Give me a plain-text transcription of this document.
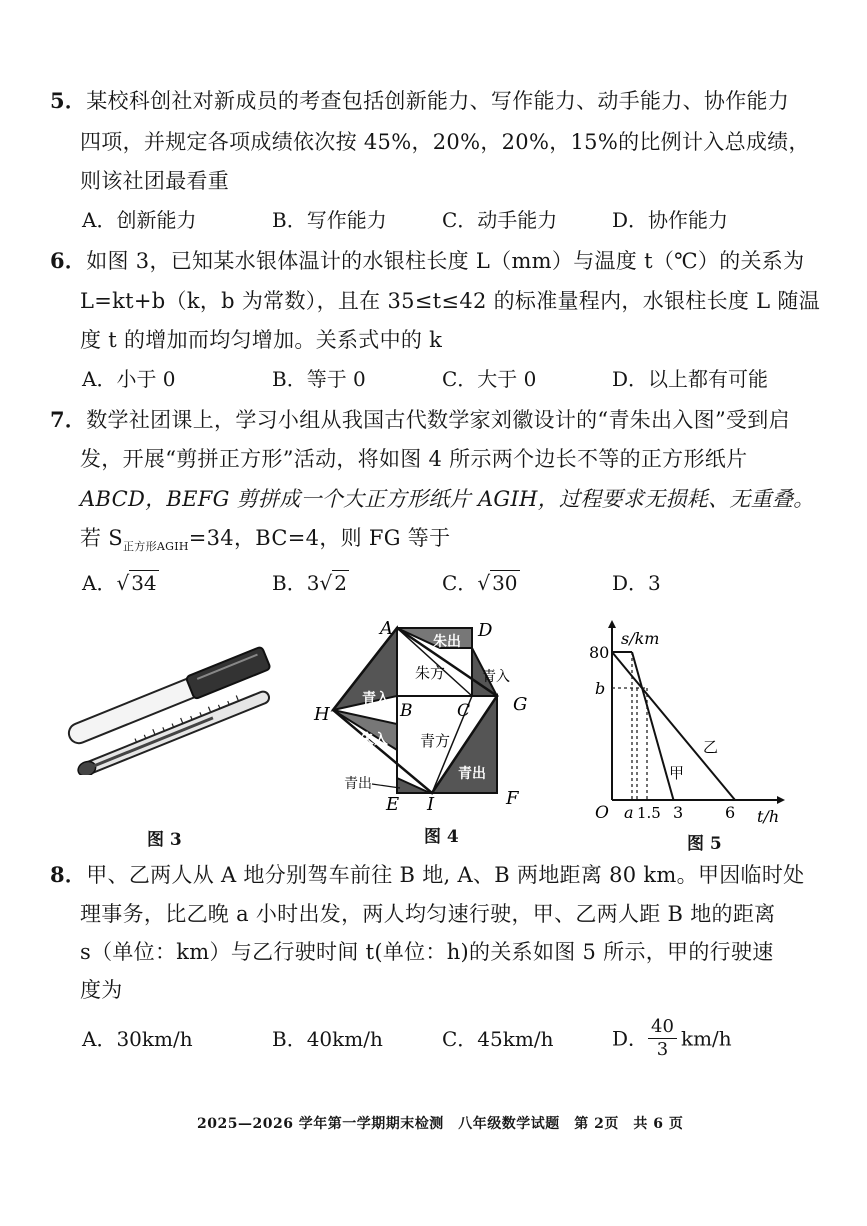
5．某校科创社对新成员的考查包括创新能力、写作能力、动手能力、协作能力
四项，并规定各项成绩依次按 45%，20%，20%，15%的比例计入总成绩，
则该社团最看重
A．创新能力	B．写作能力	C．动手能力	D．协作能力
6．如图 3，已知某水银体温计的水银柱长度 L（mm）与温度 t（℃）的关系为
L=kt+b（k，b 为常数），且在 35≤t≤42 的标准量程内，水银柱长度 L 随温
度 t 的增加而均匀增加。关系式中的 k
A．小于 0	B．等于 0	C．大于 0	D．以上都有可能
7．数学社团课上，学习小组从我国古代数学家刘徽设计的“青朱出入图”受到启
发，开展“剪拼正方形”活动，将如图 4 所示两个边长不等的正方形纸片
ABCD，BEFG 剪拼成一个大正方形纸片 AGIH，过程要求无损耗、无重叠。
若 $S_{正方形AGIH}=34$，BC=4，则 FG 等于
A．√ 34	B．3√ 2	C．√ 30	D．3
图 3
A	D
H	B	C G
E I	F
朱出
朱方	青入
青入
朱入 青方
青出
青出
图 4
s/km
t/h
O
80
b
a 1.5 3	6
甲
乙
图 5
8．甲、乙两人从 A 地分别驾车前往 B 地, A、B 两地距离 80 km。甲因临时处
理事务，比乙晚 a 小时出发，两人均匀速行驶，甲、乙两人距 B 地的距离
s（单位：km）与乙行驶时间 t(单位：h)的关系如图 5 所示，甲的行驶速
度为
A．30km/h	B．40km/h	C．45km/h	D． $\frac{40}{3} km/h$
2025—2026 学年第一学期期末检测　八年级数学试题　第 2页　共 6 页
